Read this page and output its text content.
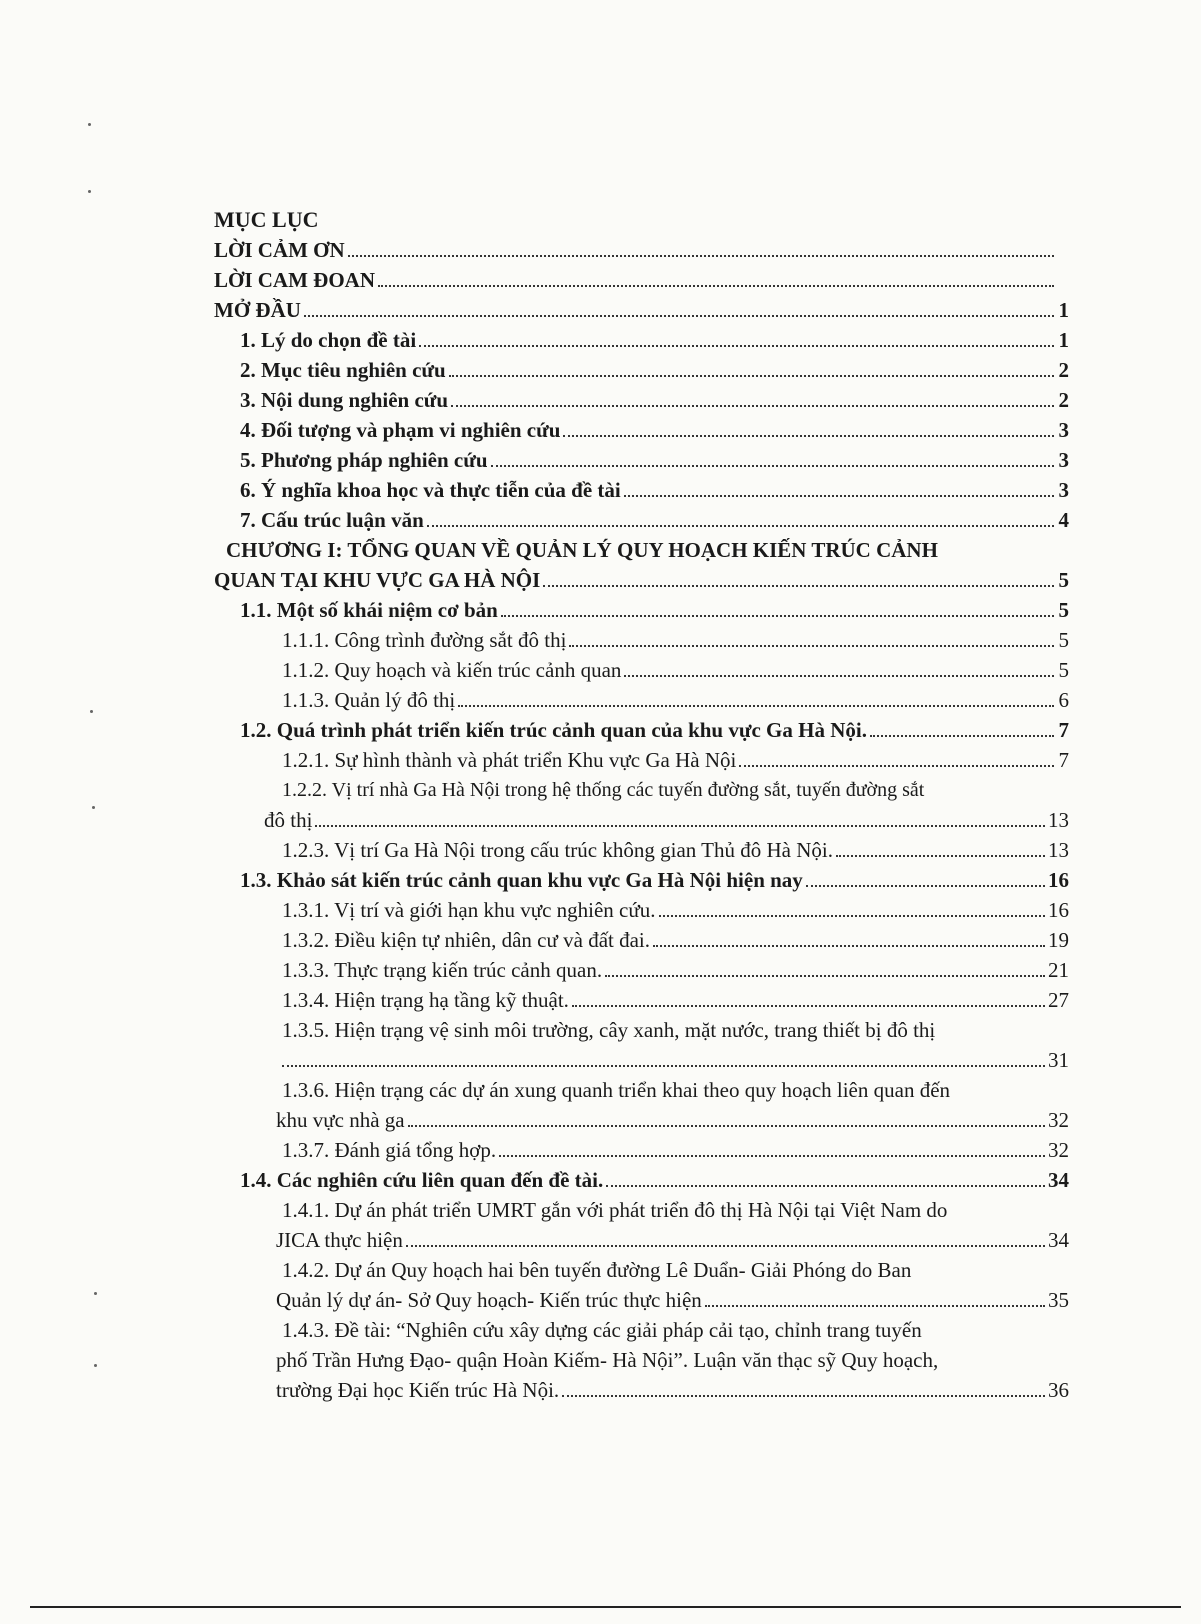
MỤC LỤC
LỜI CẢM ƠN
LỜI CAM ĐOAN
MỞ ĐẦU	1
1. Lý do chọn đề tài	1
2. Mục tiêu nghiên cứu	2
3. Nội dung nghiên cứu	2
4. Đối tượng và phạm vi nghiên cứu	3
5. Phương pháp nghiên cứu	3
6. Ý nghĩa khoa học và thực tiễn của đề tài	3
7. Cấu trúc luận văn	4
CHƯƠNG I: TỔNG QUAN VỀ QUẢN LÝ QUY HOẠCH KIẾN TRÚC CẢNH
QUAN TẠI KHU VỰC GA HÀ NỘI	5
1.1. Một số khái niệm cơ bản	5
1.1.1. Công trình đường sắt đô thị	5
1.1.2. Quy hoạch và kiến trúc cảnh quan	5
1.1.3. Quản lý đô thị	6
1.2. Quá trình phát triển kiến trúc cảnh quan của khu vực Ga Hà Nội.	7
1.2.1. Sự hình thành và phát triển Khu vực Ga Hà Nội	7
1.2.2. Vị trí nhà Ga Hà Nội trong hệ thống các tuyến đường sắt, tuyến đường sắt
đô thị	13
1.2.3. Vị trí Ga Hà Nội trong cấu trúc không gian Thủ đô Hà Nội.	13
1.3. Khảo sát kiến trúc cảnh quan khu vực Ga Hà Nội hiện nay	16
1.3.1. Vị trí và giới hạn khu vực nghiên cứu.	16
1.3.2. Điều kiện tự nhiên, dân cư và đất đai.	19
1.3.3. Thực trạng kiến trúc cảnh quan.	21
1.3.4. Hiện trạng hạ tầng kỹ thuật.	27
1.3.5. Hiện trạng vệ sinh môi trường, cây xanh, mặt nước, trang thiết bị đô thị
31
1.3.6. Hiện trạng các dự án xung quanh triển khai theo quy hoạch liên quan đến
khu vực nhà ga	32
1.3.7. Đánh giá tổng hợp.	32
1.4. Các nghiên cứu liên quan đến đề tài.	34
1.4.1. Dự án phát triển UMRT gắn với phát triển đô thị Hà Nội tại Việt Nam do
JICA thực hiện	34
1.4.2. Dự án Quy hoạch hai bên tuyến đường Lê Duẩn- Giải Phóng do Ban
Quản lý dự án- Sở Quy hoạch- Kiến trúc thực hiện	35
1.4.3. Đề tài: “Nghiên cứu xây dựng các giải pháp cải tạo, chỉnh trang tuyến
phố Trần Hưng Đạo- quận Hoàn Kiếm- Hà Nội”. Luận văn thạc sỹ Quy hoạch,
trường Đại học Kiến trúc Hà Nội.	36
